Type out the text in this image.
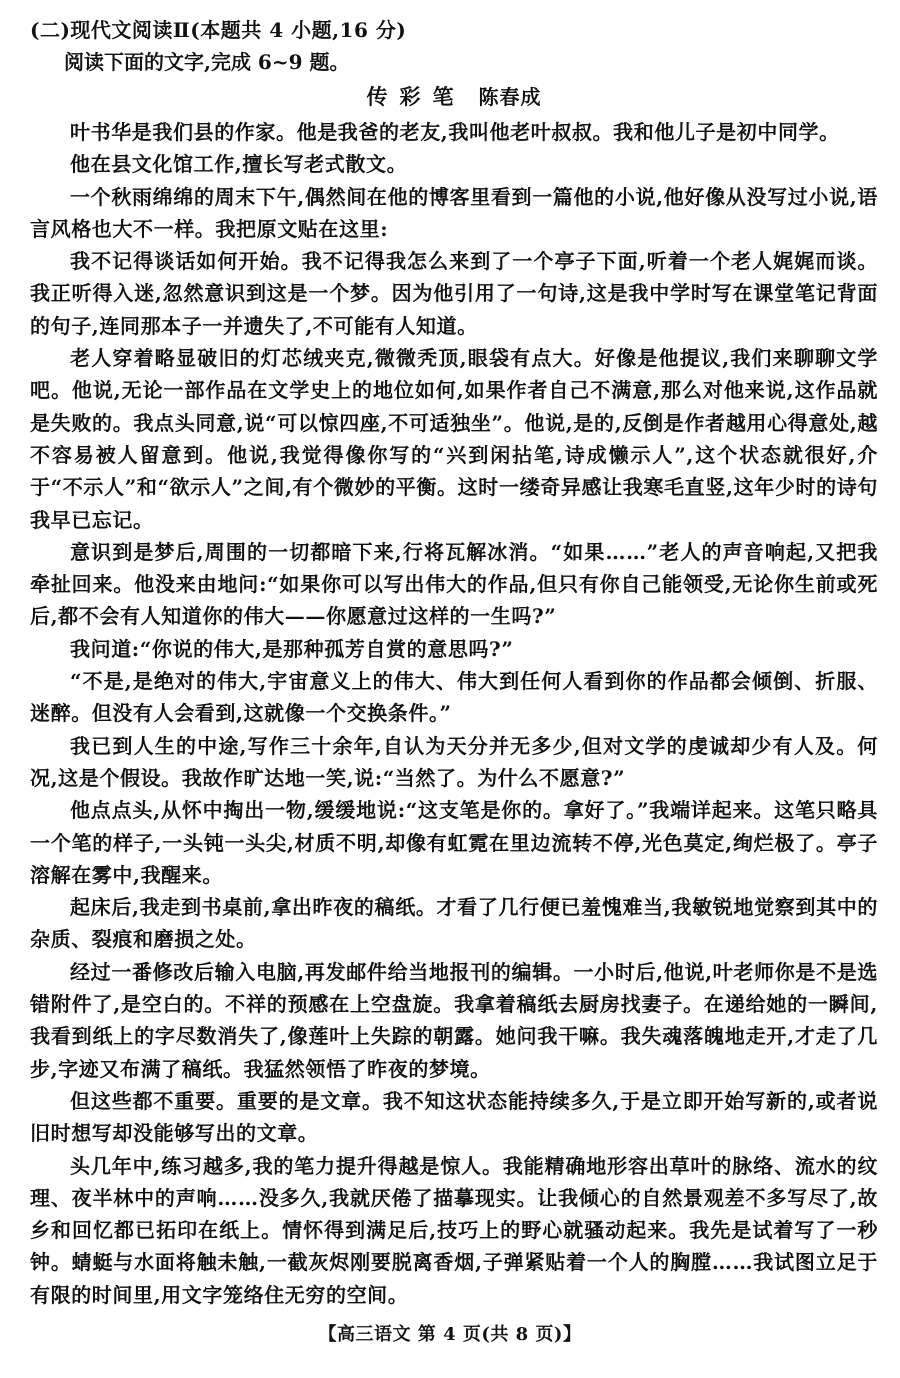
(二)现代文阅读Ⅱ(本题共 4 小题,16 分)

阅读下面的文字,完成 6~9 题。

传彩笔 陈春成

叶书华是我们县的作家。他是我爸的老友,我叫他老叶叔叔。我和他儿子是初中同学。

他在县文化馆工作,擅长写老式散文。

一个秋雨绵绵的周末下午,偶然间在他的博客里看到一篇他的小说,他好像从没写过小说,语言风格也大不一样。我把原文贴在这里:

我不记得谈话如何开始。我不记得我怎么来到了一个亭子下面,听着一个老人娓娓而谈。我正听得入迷,忽然意识到这是一个梦。因为他引用了一句诗,这是我中学时写在课堂笔记背面的句子,连同那本子一并遗失了,不可能有人知道。

老人穿着略显破旧的灯芯绒夹克,微微秃顶,眼袋有点大。好像是他提议,我们来聊聊文学吧。他说,无论一部作品在文学史上的地位如何,如果作者自己不满意,那么对他来说,这作品就是失败的。我点头同意,说“可以惊四座,不可适独坐”。他说,是的,反倒是作者越用心得意处,越不容易被人留意到。他说,我觉得像你写的“兴到闲拈笔,诗成懒示人”,这个状态就很好,介于“不示人”和“欲示人”之间,有个微妙的平衡。这时一缕奇异感让我寒毛直竖,这年少时的诗句我早已忘记。

意识到是梦后,周围的一切都暗下来,行将瓦解冰消。“如果……”老人的声音响起,又把我牵扯回来。他没来由地问:“如果你可以写出伟大的作品,但只有你自己能领受,无论你生前或死后,都不会有人知道你的伟大——你愿意过这样的一生吗?”

我问道:“你说的伟大,是那种孤芳自赏的意思吗?”

“不是,是绝对的伟大,宇宙意义上的伟大、伟大到任何人看到你的作品都会倾倒、折服、迷醉。但没有人会看到,这就像一个交换条件。”

我已到人生的中途,写作三十余年,自认为天分并无多少,但对文学的虔诚却少有人及。何况,这是个假设。我故作旷达地一笑,说:“当然了。为什么不愿意?”

他点点头,从怀中掏出一物,缓缓地说:“这支笔是你的。拿好了。”我端详起来。这笔只略具一个笔的样子,一头钝一头尖,材质不明,却像有虹霓在里边流转不停,光色莫定,绚烂极了。亭子溶解在雾中,我醒来。

起床后,我走到书桌前,拿出昨夜的稿纸。才看了几行便已羞愧难当,我敏锐地觉察到其中的杂质、裂痕和磨损之处。

经过一番修改后输入电脑,再发邮件给当地报刊的编辑。一小时后,他说,叶老师你是不是选错附件了,是空白的。不祥的预感在上空盘旋。我拿着稿纸去厨房找妻子。在递给她的一瞬间,我看到纸上的字尽数消失了,像莲叶上失踪的朝露。她问我干嘛。我失魂落魄地走开,才走了几步,字迹又布满了稿纸。我猛然领悟了昨夜的梦境。

但这些都不重要。重要的是文章。我不知这状态能持续多久,于是立即开始写新的,或者说旧时想写却没能够写出的文章。

头几年中,练习越多,我的笔力提升得越是惊人。我能精确地形容出草叶的脉络、流水的纹理、夜半林中的声响……没多久,我就厌倦了描摹现实。让我倾心的自然景观差不多写尽了,故乡和回忆都已拓印在纸上。情怀得到满足后,技巧上的野心就骚动起来。我先是试着写了一秒钟。蜻蜓与水面将触未触,一截灰烬刚要脱离香烟,子弹紧贴着一个人的胸膛……我试图立足于有限的时间里,用文字笼络住无穷的空间。

【高三语文 第 4 页(共 8 页)】
